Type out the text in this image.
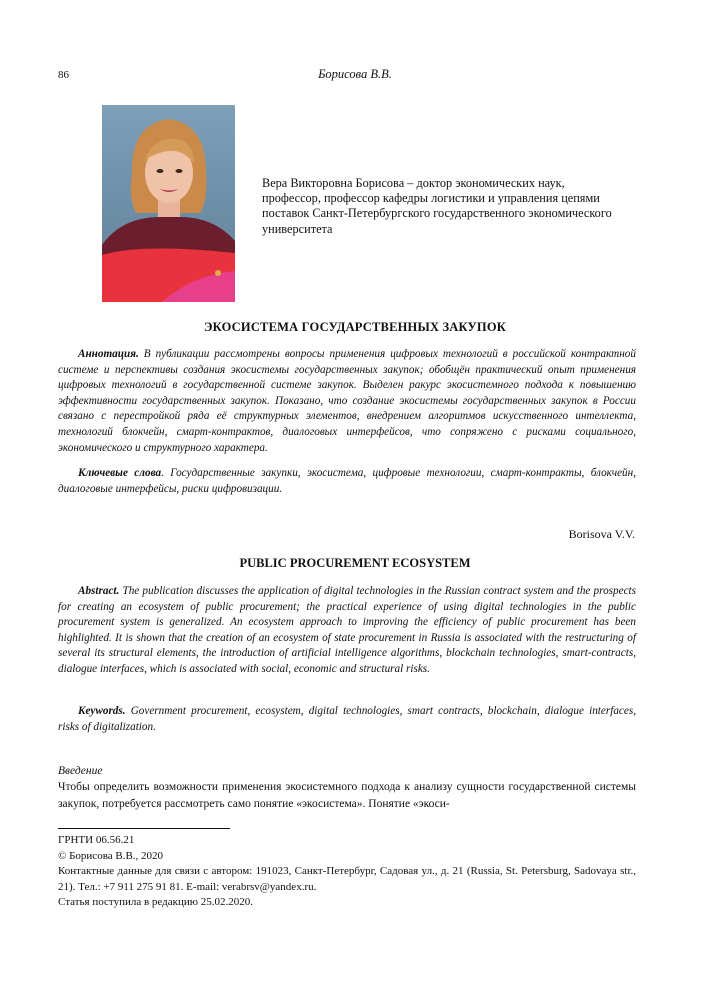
86	Борисова В.В.
Вера Викторовна Борисова – доктор экономических наук, профессор, профессор кафедры логистики и управления цепями поставок Санкт-Петербургского государственного экономического университета
ЭКОСИСТЕМА ГОСУДАРСТВЕННЫХ ЗАКУПОК
Аннотация. В публикации рассмотрены вопросы применения цифровых технологий в российской контрактной системе и перспективы создания экосистемы государственных закупок; обобщён практический опыт применения цифровых технологий в государственной системе закупок. Выделен ракурс экосистемного подхода к повышению эффективности государственных закупок. Показано, что создание экосистемы государственных закупок в России связано с перестройкой ряда её структурных элементов, внедрением алгоритмов искусственного интеллекта, технологий блокчейн, смарт-контрактов, диалоговых интерфейсов, что сопряжено с рисками социального, экономического и структурного характера.
Ключевые слова. Государственные закупки, экосистема, цифровые технологии, смарт-контракты, блокчейн, диалоговые интерфейсы, риски цифровизации.
Borisova V.V.
PUBLIC PROCUREMENT ECOSYSTEM
Abstract. The publication discusses the application of digital technologies in the Russian contract system and the prospects for creating an ecosystem of public procurement; the practical experience of using digital technologies in the public procurement system is generalized. An ecosystem approach to improving the efficiency of public procurement has been highlighted. It is shown that the creation of an ecosystem of state procurement in Russia is associated with the restructuring of several its structural elements, the introduction of artificial intelligence algorithms, blockchain technologies, smart-contracts, dialogue interfaces, which is associated with social, economic and structural risks.
Keywords. Government procurement, ecosystem, digital technologies, smart contracts, blockchain, dialogue interfaces, risks of digitalization.
Введение
Чтобы определить возможности применения экосистемного подхода к анализу сущности государственной системы закупок, потребуется рассмотреть само понятие «экосистема». Понятие «экоси-
ГРНТИ 06.56.21
© Борисова В.В., 2020
Контактные данные для связи с автором: 191023, Санкт-Петербург, Садовая ул., д. 21 (Russia, St. Petersburg, Sadovaya str., 21). Тел.: +7 911 275 91 81. E-mail: verabrsv@yandex.ru.
Статья поступила в редакцию 25.02.2020.
